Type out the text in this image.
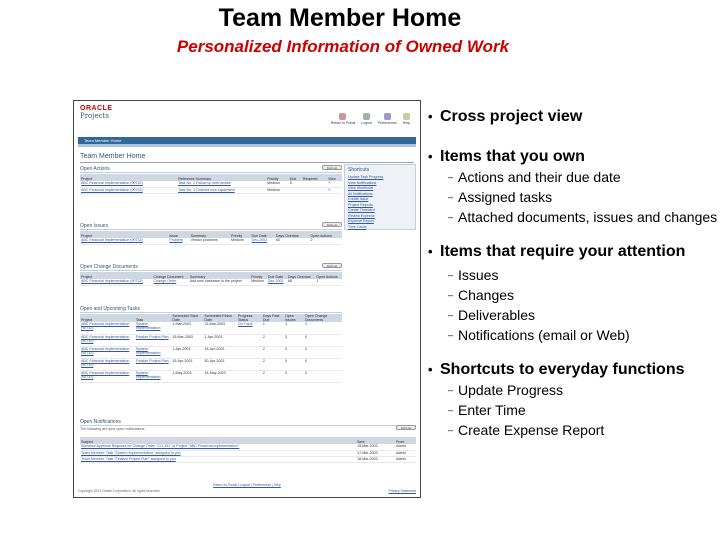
Team Member Home
Personalized Information of Owned Work
ORACLE
Projects
Return to Portal Logout Preferences Help
Team Member Home
Team Member Home
Open Actions	Full List
Project	Reference Summary	Priority	Due	Required	View
ABC Financial Implementation (90732)	Task No. 2 Follow up with vendor	Medium	5		✎
ABC Financial Implementation (90732)	Task No. 2 Ordered new equipment	Medium			✎
Shortcuts
Update Task Progress
View Notifications
View Workflows
All Notifications
Create Issue
Project Reports
Create Timecard
Review Expense
Expense Report
Time Cards
Open Issues	Full List
Project	Issue	Summary	Priority	Due Date	Days Overdue	Open Actions
ABC Financial Implementation (90732)	Problem	Vendor problems	Medium	Dec-2002	60	2
Open Change Documents	Full List
Project	Change Document	Summary	Priority	Due Date	Days Overdue	Open Actions
ABC Financial Implementation (90732)	Change Order	Add new hardware to the project	Medium	Dec-2002	68	1
Open and Upcoming Tasks
Project	Task	Scheduled Start Date	Scheduled Finish Date	Progress Status	Days Past Due	Open Issues	Open Change Documents
ABC Financial Implementation (90732)	System Implementation	1-Mar-2003	15-Mar-2003	On Track	1	1	1
ABC Financial Implementation (90732)	Finalize Project Plan	15-Mar-2003	1-Apr-2003		2	3	0
ABC Financial Implementation (90732)	System Implementation	1-Apr-2003	15-Apr-2003		2	0	0
ABC Financial Implementation (90732)	Finalize Project Plan	15-Apr-2003	30-Apr-2003		2	0	0
ABC Financial Implementation (90732)	System Implementation	1-May-2003	15-May-2003		2	0	0
Open Notifications
The following are your open notifications:	Full List
Subject	Sent	From
Workflow Approval Required for Change Order "CO-101" in Project "ABC Financial Implementation"	15-Mar-2003	Admin
Team Member: Task "System Implementation" assigned to you	17-Mar-2003	Admin
Team Member: Task "Finalize Project Plan" assigned to you	18-Mar-2003	Admin
Return to Portal | Logout | Preferences | Help
Copyright 2003 Oracle Corporation. All rights reserved.	Privacy Statement
• Cross project view
• Items that you own
– Actions and their due date
– Assigned tasks
– Attached documents, issues and changes
• Items that require your attention
– Issues
– Changes
– Deliverables
– Notifications (email or Web)
• Shortcuts to everyday functions
– Update Progress
– Enter Time
– Create Expense Report
